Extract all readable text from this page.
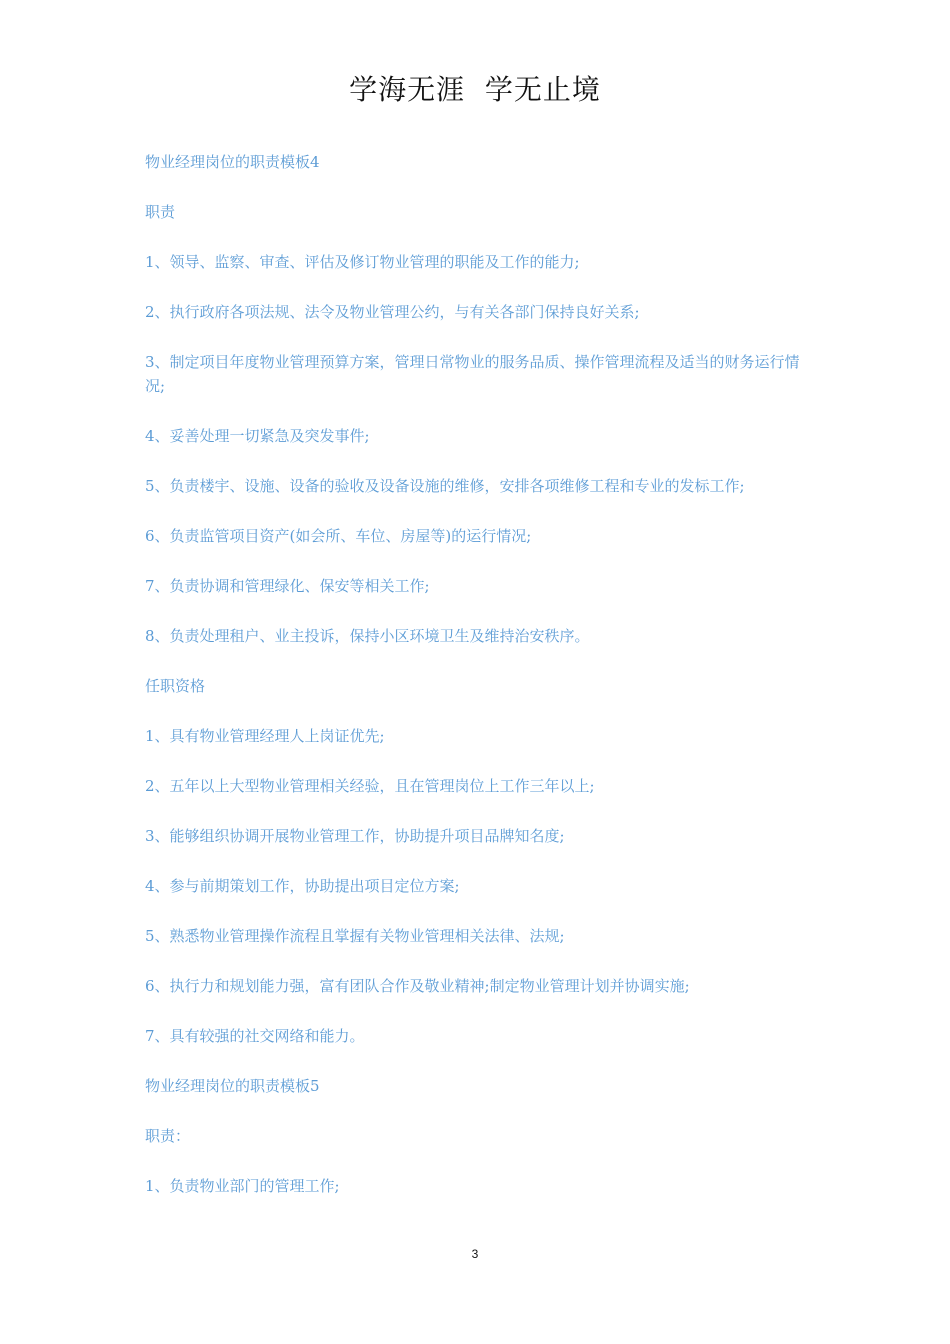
学海无涯  学无止境

物业经理岗位的职责模板4

职责

1、领导、监察、审查、评估及修订物业管理的职能及工作的能力;

2、执行政府各项法规、法令及物业管理公约，与有关各部门保持良好关系;

3、制定项目年度物业管理预算方案，管理日常物业的服务品质、操作管理流程及适当的财务运行情况;

4、妥善处理一切紧急及突发事件;

5、负责楼宇、设施、设备的验收及设备设施的维修，安排各项维修工程和专业的发标工作;

6、负责监管项目资产(如会所、车位、房屋等)的运行情况;

7、负责协调和管理绿化、保安等相关工作;

8、负责处理租户、业主投诉，保持小区环境卫生及维持治安秩序。

任职资格

1、具有物业管理经理人上岗证优先;

2、五年以上大型物业管理相关经验，且在管理岗位上工作三年以上;

3、能够组织协调开展物业管理工作，协助提升项目品牌知名度;

4、参与前期策划工作，协助提出项目定位方案;

5、熟悉物业管理操作流程且掌握有关物业管理相关法律、法规;

6、执行力和规划能力强，富有团队合作及敬业精神;制定物业管理计划并协调实施;

7、具有较强的社交网络和能力。

物业经理岗位的职责模板5

职责：

1、负责物业部门的管理工作;

3
